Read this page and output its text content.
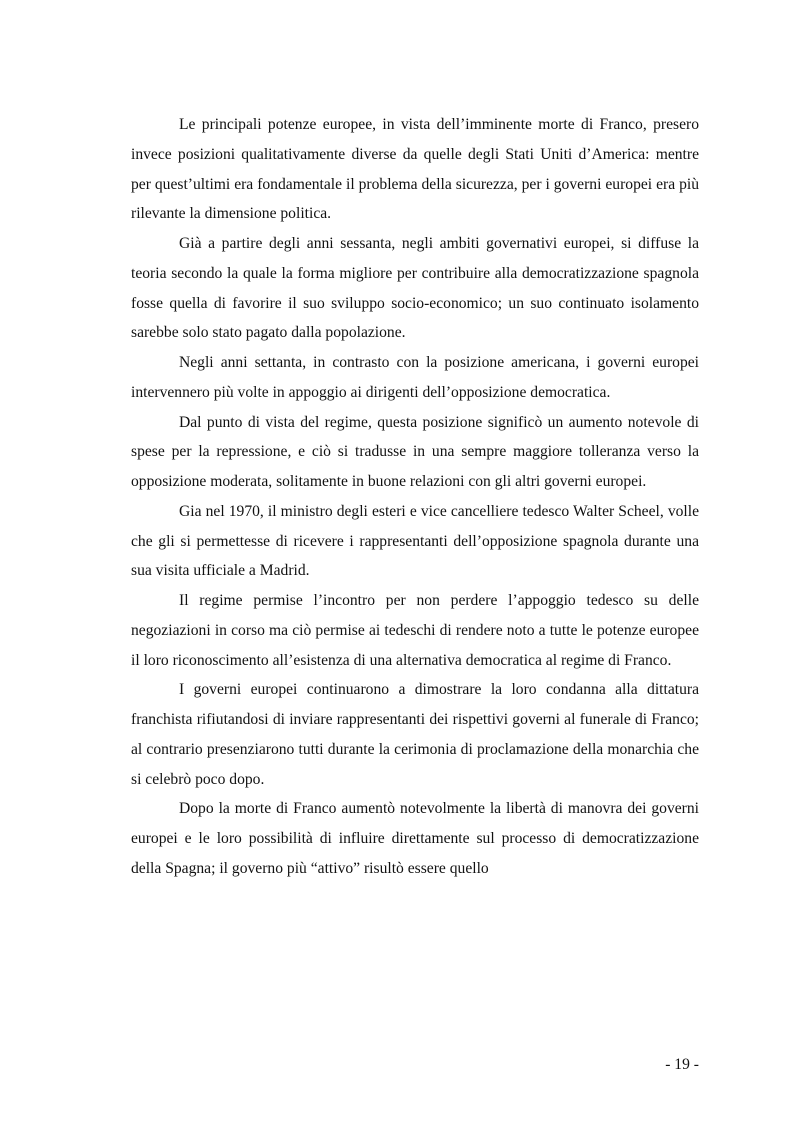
Le principali potenze europee, in vista dell’imminente morte di Franco, presero invece posizioni qualitativamente diverse da quelle degli Stati Uniti d’America: mentre per quest’ultimi era fondamentale il problema della sicurezza, per i governi europei era più rilevante la dimensione politica.

Già a partire degli anni sessanta, negli ambiti governativi europei, si diffuse la teoria secondo la quale la forma migliore per contribuire alla democratizzazione spagnola fosse quella di favorire il suo sviluppo socio-economico; un suo continuato isolamento sarebbe solo stato pagato dalla popolazione.

Negli anni settanta, in contrasto con la posizione americana, i governi europei intervennero più volte in appoggio ai dirigenti dell’opposizione democratica.

Dal punto di vista del regime, questa posizione significò un aumento notevole di spese per la repressione, e ciò si tradusse in una sempre maggiore tolleranza verso la opposizione moderata, solitamente in buone relazioni con gli altri governi europei.

Gia nel 1970, il ministro degli esteri e vice cancelliere tedesco Walter Scheel, volle che gli si permettesse di ricevere i rappresentanti dell’opposizione spagnola durante una sua visita ufficiale a Madrid.

Il regime permise l’incontro per non perdere l’appoggio tedesco su delle negoziazioni in corso ma ciò permise ai tedeschi di rendere noto a tutte le potenze europee il loro riconoscimento all’esistenza di una alternativa democratica al regime di Franco.

I governi europei continuarono a dimostrare la loro condanna alla dittatura franchista rifiutandosi di inviare rappresentanti dei rispettivi governi al funerale di Franco; al contrario presenziarono tutti durante la cerimonia di proclamazione della monarchia che si celebrò poco dopo.

Dopo la morte di Franco aumentò notevolmente la libertà di manovra dei governi europei e le loro possibilità di influire direttamente sul processo di democratizzazione della Spagna; il governo più “attivo” risultò essere quello

- 19 -
